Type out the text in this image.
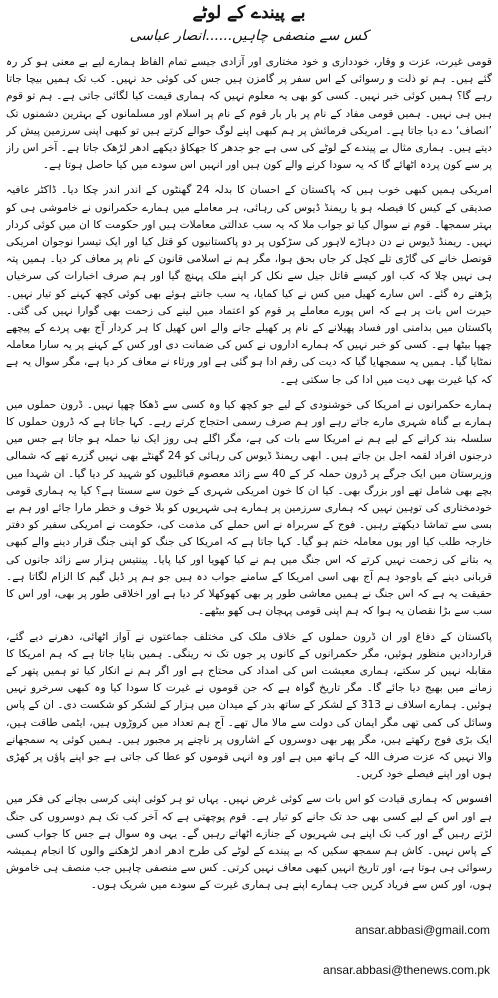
بے پیندے کے لوٹے
کس سے منصفی چاہیں......انصار عباسی

قومی غیرت، عزت و وقار، خودداری و خود مختاری اور آزادی جیسے تمام الفاظ ہمارے لیے بے معنی ہو کر رہ گئے ہیں۔ ہم تو ذلت و رسوائی کے اس سفر پر گامزن ہیں جس کی کوئی حد نہیں۔ کب تک ہمیں بیچا جاتا رہے گا؟ ہمیں کوئی خبر نہیں۔ کسی کو بھی یہ معلوم نہیں کہ ہماری قیمت کیا لگائی جاتی ہے۔ ہم تو قوم ہیں ہی نہیں۔ ہمیں قومی مفاد کے نام پر بار بار قوم کے نام پر اسلام اور مسلمانوں کے بہترین دشمنوں تک ’انصاف‘ دے دیا جاتا ہے۔ امریکی فرمائش پر ہم کبھی اپنے لوگ حوالے کرتے ہیں تو کبھی اپنی سرزمین پیش کر دیتے ہیں۔ ہماری مثال بے پیندے کے لوٹے کی سی ہے جو جدھر کا جھکاؤ دیکھے ادھر لڑھک جاتا ہے۔ آخر اس راز پر سے کون پردہ اٹھائے گا کہ یہ سودا کرنے والے کون ہیں اور انہیں اس سودے میں کیا حاصل ہوتا ہے۔

امریکی ہمیں کبھی خوب ہیں کہ پاکستان کے احسان کا بدلہ 24 گھنٹوں کے اندر اندر چکا دیا۔ ڈاکٹر عافیہ صدیقی کے کیس کا فیصلہ ہو یا ریمنڈ ڈیوس کی رہائی، ہر معاملے میں ہمارے حکمرانوں نے خاموشی ہی کو بہتر سمجھا۔ قوم نے سوال کیا تو جواب ملا کہ یہ سب عدالتی معاملات ہیں اور حکومت کا ان میں کوئی کردار نہیں۔ ریمنڈ ڈیوس نے دن دہاڑے لاہور کی سڑکوں پر دو پاکستانیوں کو قتل کیا اور ایک تیسرا نوجوان امریکی قونصل خانے کی گاڑی تلے کچل کر جاں بحق ہوا، مگر ہم نے اسلامی قانون کے نام پر معاف کر دیا۔ ہمیں پتہ ہی نہیں چلا کہ کب اور کیسے قاتل جیل سے نکل کر اپنے ملک پہنچ گیا اور ہم صرف اخبارات کی سرخیاں پڑھتے رہ گئے۔ اس سارے کھیل میں کس نے کیا کمایا، یہ سب جانتے ہوئے بھی کوئی کچھ کہنے کو تیار نہیں۔ حیرت اس بات پر ہے کہ اس پورے معاملے پر قوم کو اعتماد میں لینے کی زحمت بھی گوارا نہیں کی گئی۔ پاکستان میں بدامنی اور فساد پھیلانے کے نام پر کھیلے جانے والے اس کھیل کا ہر کردار آج بھی پردے کے پیچھے چھپا بیٹھا ہے۔ کسی کو خبر نہیں کہ ہمارے اداروں نے کس کی ضمانت دی اور کس کے کہنے پر یہ سارا معاملہ نمٹایا گیا۔ ہمیں یہ سمجھایا گیا کہ دیت کی رقم ادا ہو گئی ہے اور ورثاء نے معاف کر دیا ہے، مگر سوال یہ ہے کہ کیا غیرت بھی دیت میں ادا کی جا سکتی ہے۔

ہمارے حکمرانوں نے امریکا کی خوشنودی کے لیے جو کچھ کیا وہ کسی سے ڈھکا چھپا نہیں۔ ڈرون حملوں میں ہمارے بے گناہ شہری مارے جاتے رہے اور ہم صرف رسمی احتجاج کرتے رہے۔ کہا جاتا ہے کہ ڈرون حملوں کا سلسلہ بند کرانے کے لیے ہم نے امریکا سے بات کی ہے، مگر اگلے ہی روز ایک نیا حملہ ہو جاتا ہے جس میں درجنوں افراد لقمہ اجل بن جاتے ہیں۔ ابھی ریمنڈ ڈیوس کی رہائی کو 24 گھنٹے بھی نہیں گزرے تھے کہ شمالی وزیرستان میں ایک جرگے پر ڈرون حملہ کر کے 40 سے زائد معصوم قبائلیوں کو شہید کر دیا گیا۔ ان شہدا میں بچے بھی شامل تھے اور بزرگ بھی۔ کیا ان کا خون امریکی شہری کے خون سے سستا ہے؟ کیا یہ ہماری قومی خودمختاری کی توہین نہیں کہ ہماری سرزمین پر ہمارے ہی شہریوں کو بلا خوف و خطر مارا جائے اور ہم بے بسی سے تماشا دیکھتے رہیں۔ فوج کے سربراہ نے اس حملے کی مذمت کی، حکومت نے امریکی سفیر کو دفتر خارجہ طلب کیا اور یوں معاملہ ختم ہو گیا۔ کہا جاتا ہے کہ امریکا کی جنگ کو اپنی جنگ قرار دینے والے کبھی یہ بتانے کی زحمت نہیں کرتے کہ اس جنگ میں ہم نے کیا کھویا اور کیا پایا۔ پینتیس ہزار سے زائد جانوں کی قربانی دینے کے باوجود ہم آج بھی اسی امریکا کے سامنے جواب دہ ہیں جو ہم پر ڈبل گیم کا الزام لگاتا ہے۔ حقیقت یہ ہے کہ اس جنگ نے ہمیں معاشی طور پر بھی کھوکھلا کر دیا ہے اور اخلاقی طور پر بھی، اور اس کا سب سے بڑا نقصان یہ ہوا کہ ہم اپنی قومی پہچان ہی کھو بیٹھے۔

پاکستان کے دفاع اور ان ڈرون حملوں کے خلاف ملک کی مختلف جماعتوں نے آواز اٹھائی، دھرنے دیے گئے، قراردادیں منظور ہوئیں، مگر حکمرانوں کے کانوں پر جوں تک نہ رینگی۔ ہمیں بتایا جاتا ہے کہ ہم امریکا کا مقابلہ نہیں کر سکتے، ہماری معیشت اس کی امداد کی محتاج ہے اور اگر ہم نے انکار کیا تو ہمیں پتھر کے زمانے میں بھیج دیا جائے گا۔ مگر تاریخ گواہ ہے کہ جن قوموں نے غیرت کا سودا کیا وہ کبھی سرخرو نہیں ہوئیں۔ ہمارے اسلاف نے 313 کے لشکر کے ساتھ بدر کے میدان میں ہزار کے لشکر کو شکست دی۔ ان کے پاس وسائل کی کمی تھی مگر ایمان کی دولت سے مالا مال تھے۔ آج ہم تعداد میں کروڑوں ہیں، ایٹمی طاقت ہیں، ایک بڑی فوج رکھتے ہیں، مگر پھر بھی دوسروں کے اشاروں پر ناچنے پر مجبور ہیں۔ ہمیں کوئی یہ سمجھانے والا نہیں کہ عزت صرف اللہ کے ہاتھ میں ہے اور وہ انہی قوموں کو عطا کی جاتی ہے جو اپنے پاؤں پر کھڑی ہوں اور اپنے فیصلے خود کریں۔

افسوس کہ ہماری قیادت کو اس بات سے کوئی غرض نہیں۔ یہاں تو ہر کوئی اپنی کرسی بچانے کی فکر میں ہے اور اس کے لیے کسی بھی حد تک جانے کو تیار ہے۔ قوم پوچھتی ہے کہ آخر کب تک ہم دوسروں کی جنگ لڑتے رہیں گے اور کب تک اپنے ہی شہریوں کے جنازے اٹھاتے رہیں گے۔ یہی وہ سوال ہے جس کا جواب کسی کے پاس نہیں۔ کاش ہم سمجھ سکیں کہ بے پیندے کے لوٹے کی طرح ادھر ادھر لڑھکنے والوں کا انجام ہمیشہ رسوائی ہی ہوتا ہے، اور تاریخ انہیں کبھی معاف نہیں کرتی۔ کس سے منصفی چاہیں جب منصف ہی خاموش ہوں، اور کس سے فریاد کریں جب ہمارے اپنے ہی ہماری غیرت کے سودے میں شریک ہوں۔

ansar.abbasi@gmail.com
ansar.abbasi@thenews.com.pk
